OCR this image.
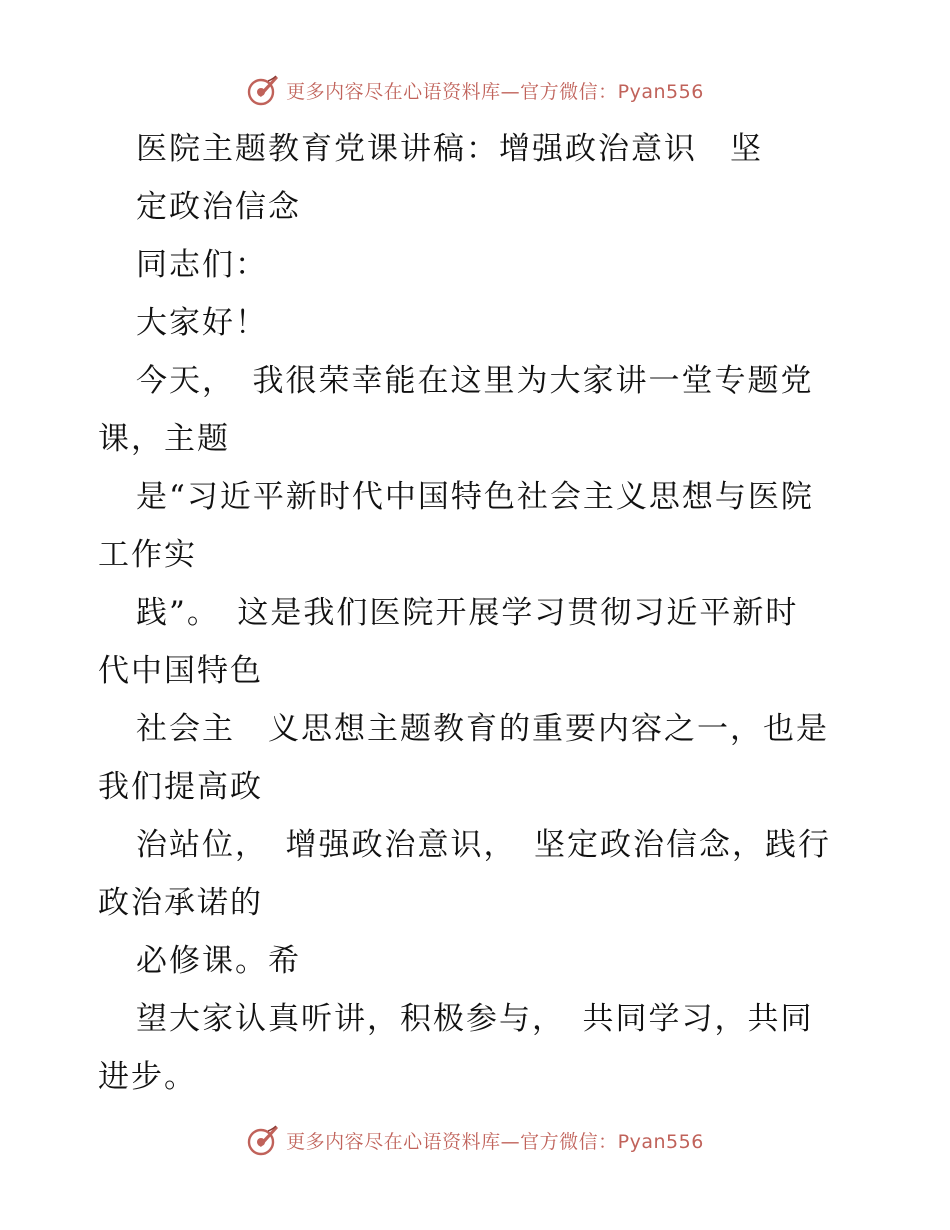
更多内容尽在心语资料库—官方微信：Pyan556
医院主题教育党课讲稿：增强政治意识　坚
定政治信念
同志们：
大家好！
今天，　我很荣幸能在这里为大家讲一堂专题党
课，主题
是“习近平新时代中国特色社会主义思想与医院
工作实
践”。　这是我们医院开展学习贯彻习近平新时
代中国特色
社会主　义思想主题教育的重要内容之一，也是
我们提高政
治站位，　增强政治意识，　坚定政治信念，践行
政治承诺的
必修课。希
望大家认真听讲，积极参与，　共同学习，共同
进步。
更多内容尽在心语资料库—官方微信：Pyan556
